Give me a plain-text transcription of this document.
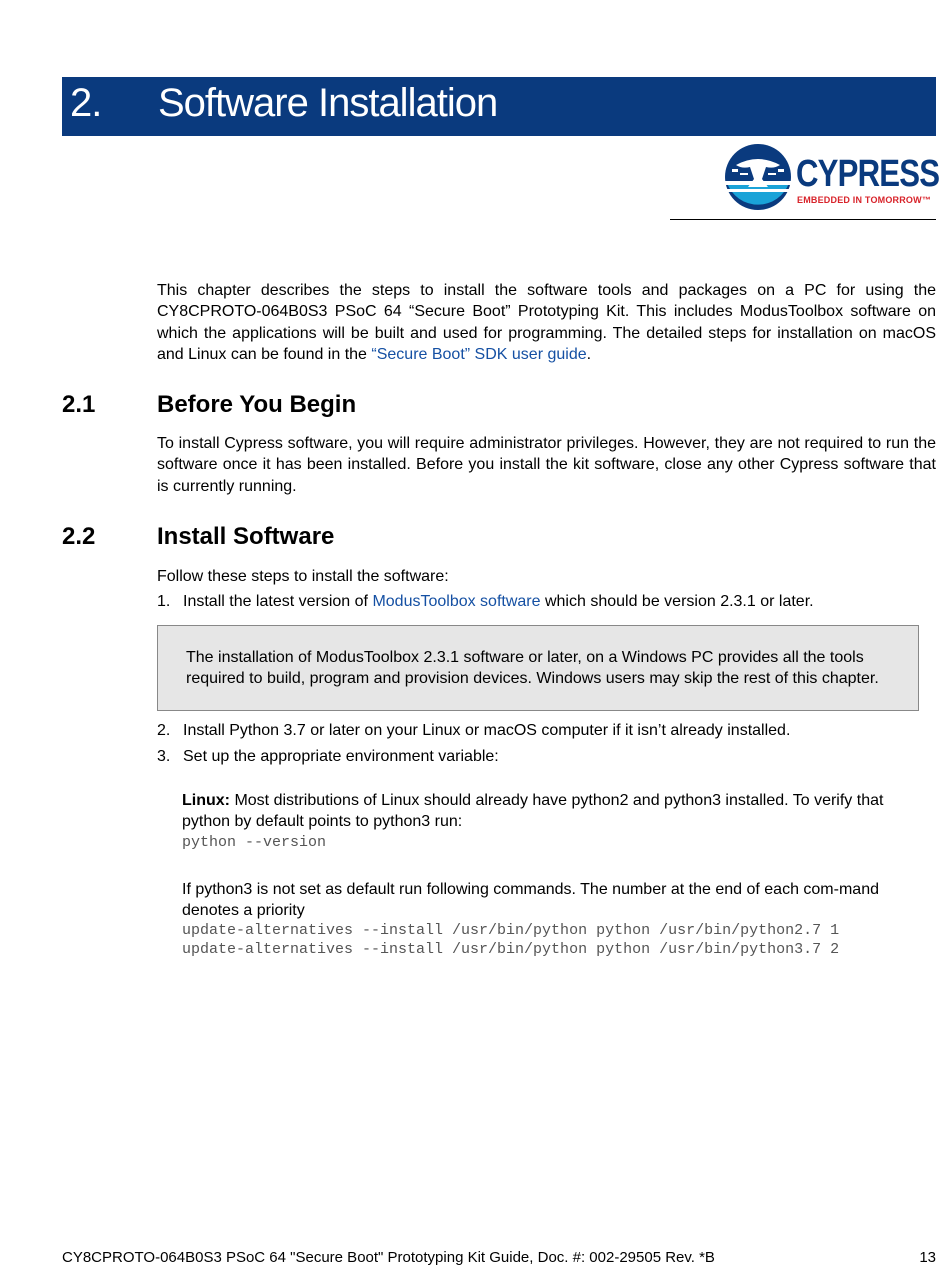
2. Software Installation
CYPRESS
EMBEDDED IN TOMORROW™

This chapter describes the steps to install the software tools and packages on a PC for using the CY8CPROTO-064B0S3 PSoC 64 “Secure Boot” Prototyping Kit. This includes ModusToolbox software on which the applications will be built and used for programming. The detailed steps for installation on macOS and Linux can be found in the “Secure Boot” SDK user guide.

2.1	Before You Begin

To install Cypress software, you will require administrator privileges. However, they are not required to run the software once it has been installed. Before you install the kit software, close any other Cypress software that is currently running.

2.2	Install Software

Follow these steps to install the software:

1. Install the latest version of ModusToolbox software which should be version 2.3.1 or later.

The installation of ModusToolbox 2.3.1 software or later, on a Windows PC provides all the tools required to build, program and provision devices. Windows users may skip the rest of this chapter.

2. Install Python 3.7 or later on your Linux or macOS computer if it isn’t already installed.
3. Set up the appropriate environment variable:

Linux: Most distributions of Linux should already have python2 and python3 installed. To verify that python by default points to python3 run:

python --version

If python3 is not set as default run following commands. The number at the end of each com-mand denotes a priority

update-alternatives --install /usr/bin/python python /usr/bin/python2.7 1
update-alternatives --install /usr/bin/python python /usr/bin/python3.7 2
CY8CPROTO-064B0S3 PSoC 64 "Secure Boot" Prototyping Kit Guide, Doc. #: 002-29505 Rev. *B	13
